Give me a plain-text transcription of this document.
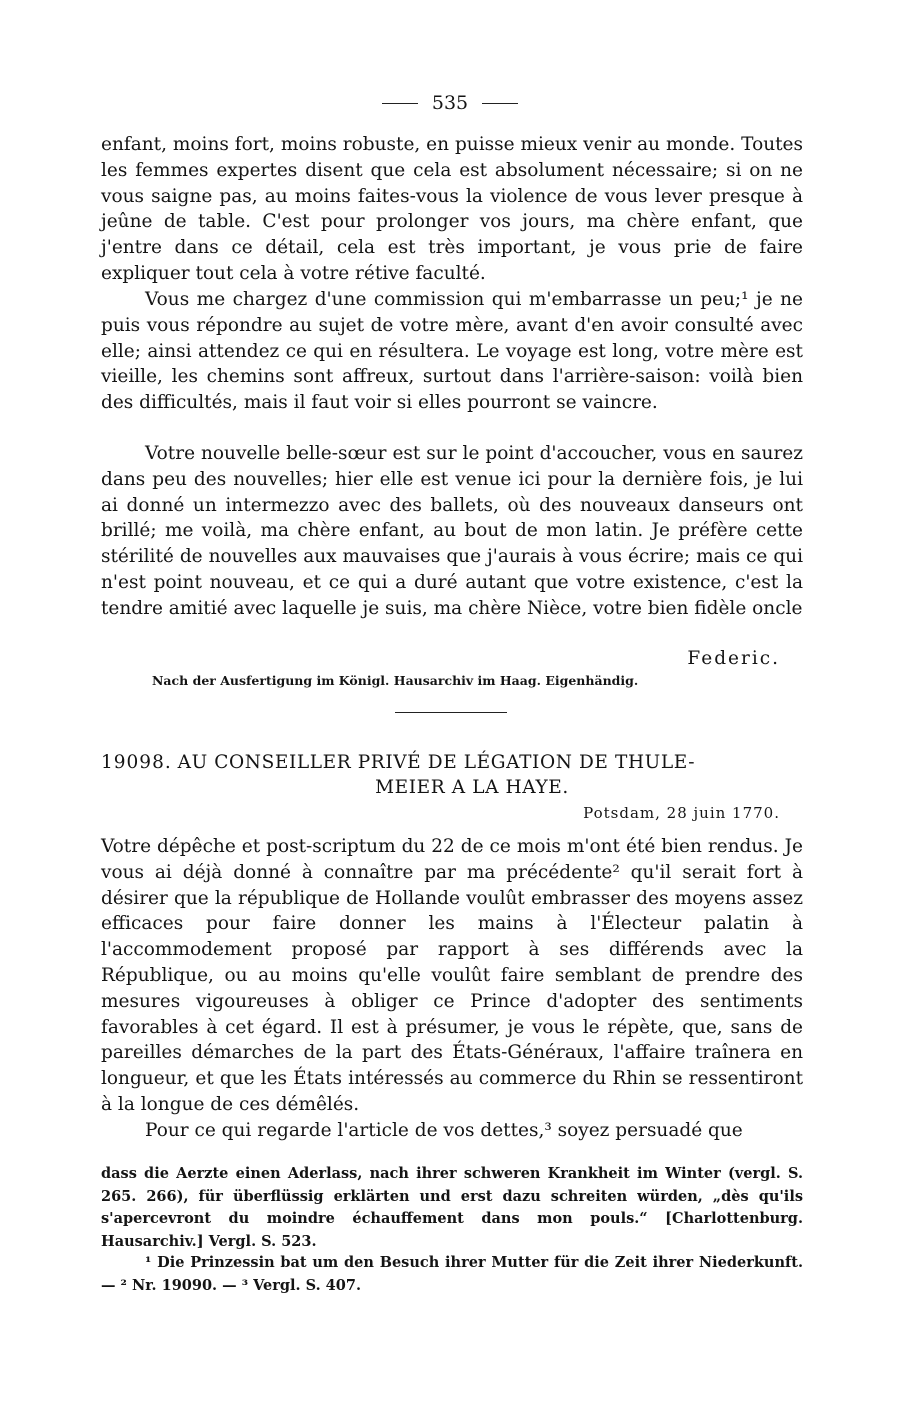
535

enfant, moins fort, moins robuste, en puisse mieux venir au monde. Toutes les femmes expertes disent que cela est absolument nécessaire; si on ne vous saigne pas, au moins faites-vous la violence de vous lever presque à jeûne de table. C'est pour prolonger vos jours, ma chère enfant, que j'entre dans ce détail, cela est très important, je vous prie de faire expliquer tout cela à votre rétive faculté.

Vous me chargez d'une commission qui m'embarrasse un peu;¹ je ne puis vous répondre au sujet de votre mère, avant d'en avoir consulté avec elle; ainsi attendez ce qui en résultera. Le voyage est long, votre mère est vieille, les chemins sont affreux, surtout dans l'arrière-saison: voilà bien des difficultés, mais il faut voir si elles pourront se vaincre.

Votre nouvelle belle-sœur est sur le point d'accoucher, vous en saurez dans peu des nouvelles; hier elle est venue ici pour la dernière fois, je lui ai donné un intermezzo avec des ballets, où des nouveaux danseurs ont brillé; me voilà, ma chère enfant, au bout de mon latin. Je préfère cette stérilité de nouvelles aux mauvaises que j'aurais à vous écrire; mais ce qui n'est point nouveau, et ce qui a duré autant que votre existence, c'est la tendre amitié avec laquelle je suis, ma chère Nièce, votre bien fidèle oncle

Federic.
Nach der Ausfertigung im Königl. Hausarchiv im Haag. Eigenhändig.
19098. AU CONSEILLER PRIVÉ DE LÉGATION DE THULE-
MEIER A LA HAYE.
Potsdam, 28 juin 1770.

Votre dépêche et post-scriptum du 22 de ce mois m'ont été bien rendus. Je vous ai déjà donné à connaître par ma précédente² qu'il serait fort à désirer que la république de Hollande voulût embrasser des moyens assez efficaces pour faire donner les mains à l'Électeur palatin à l'accommodement proposé par rapport à ses différends avec la République, ou au moins qu'elle voulût faire semblant de prendre des mesures vigoureuses à obliger ce Prince d'adopter des sentiments favorables à cet égard. Il est à présumer, je vous le répète, que, sans de pareilles démarches de la part des États-Généraux, l'affaire traînera en longueur, et que les États intéressés au commerce du Rhin se ressentiront à la longue de ces démêlés.

Pour ce qui regarde l'article de vos dettes,³ soyez persuadé que

dass die Aerzte einen Aderlass, nach ihrer schweren Krankheit im Winter (vergl. S. 265. 266), für überflüssig erklärten und erst dazu schreiten würden, „dès qu'ils s'apercevront du moindre échauffement dans mon pouls.“ [Charlottenburg. Hausarchiv.] Vergl. S. 523.

¹ Die Prinzessin bat um den Besuch ihrer Mutter für die Zeit ihrer Niederkunft. — ² Nr. 19090. — ³ Vergl. S. 407.
